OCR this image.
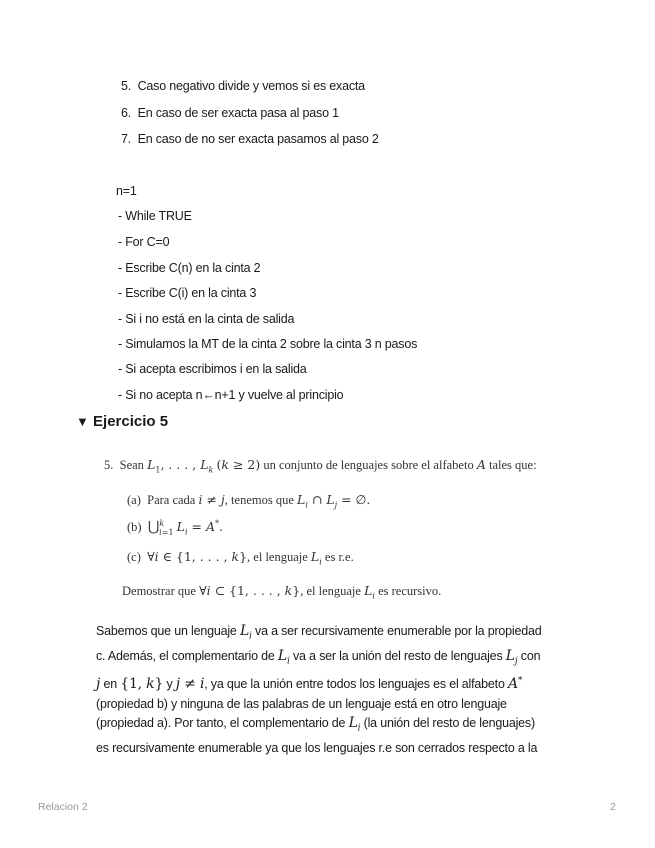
5. Caso negativo divide y vemos si es exacta
6. En caso de ser exacta pasa al paso 1
7. En caso de no ser exacta pasamos al paso 2
n=1
- While TRUE
- For C=0
- Escribe C(n) en la cinta 2
- Escribe C(i) en la cinta 3
- Si i no está en la cinta de salida
- Simulamos la MT de la cinta 2 sobre la cinta 3 n pasos
- Si acepta escribimos i en la salida
- Si no acepta n←n+1 y vuelve al principio
▼ Ejercicio 5
5. Sean $L_1$, . . . , $L_k$ (k ≥ 2) un conjunto de lenguajes sobre el alfabeto A tales que:
(a) Para cada i ≠ j, tenemos que $L_i$ ∩ $L_j$ = ∅.
(b) ⋃$^k_{i=1}$ $L_i = A^*$.
(c) ∀i ∈ {1, . . . , k}, el lenguaje $L_i$ es r.e.
Demostrar que ∀i ⊂ {1, . . . , k}, el lenguaje $L_i$ es recursivo.
Sabemos que un lenguaje $L_i$ va a ser recursivamente enumerable por la propiedad
c. Además, el complementario de $L_i$ va a ser la unión del resto de lenguajes $L_j$ con
j en {1, k} y j ≠ i, ya que la unión entre todos los lenguajes es el alfabeto A*
(propiedad b) y ninguna de las palabras de un lenguaje está en otro lenguaje
(propiedad a). Por tanto, el complementario de $L_i$ (la unión del resto de lenguajes)
es recursivamente enumerable ya que los lenguajes r.e son cerrados respecto a la
Relacion 2	2
